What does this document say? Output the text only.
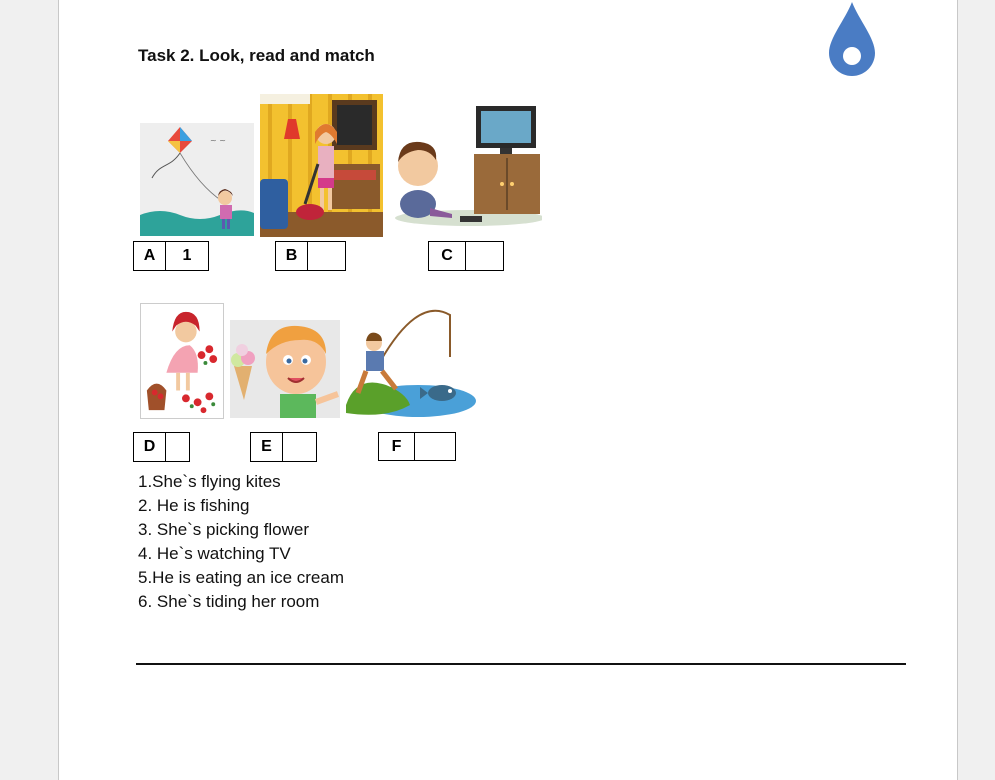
Task 2. Look, read and match
~ ~
A	1	B	C
D	E	F
1.She`s flying kites
2. He is fishing
3. She`s picking flower
4. He`s watching TV
5.He is eating an ice cream
6. She`s tiding her room
